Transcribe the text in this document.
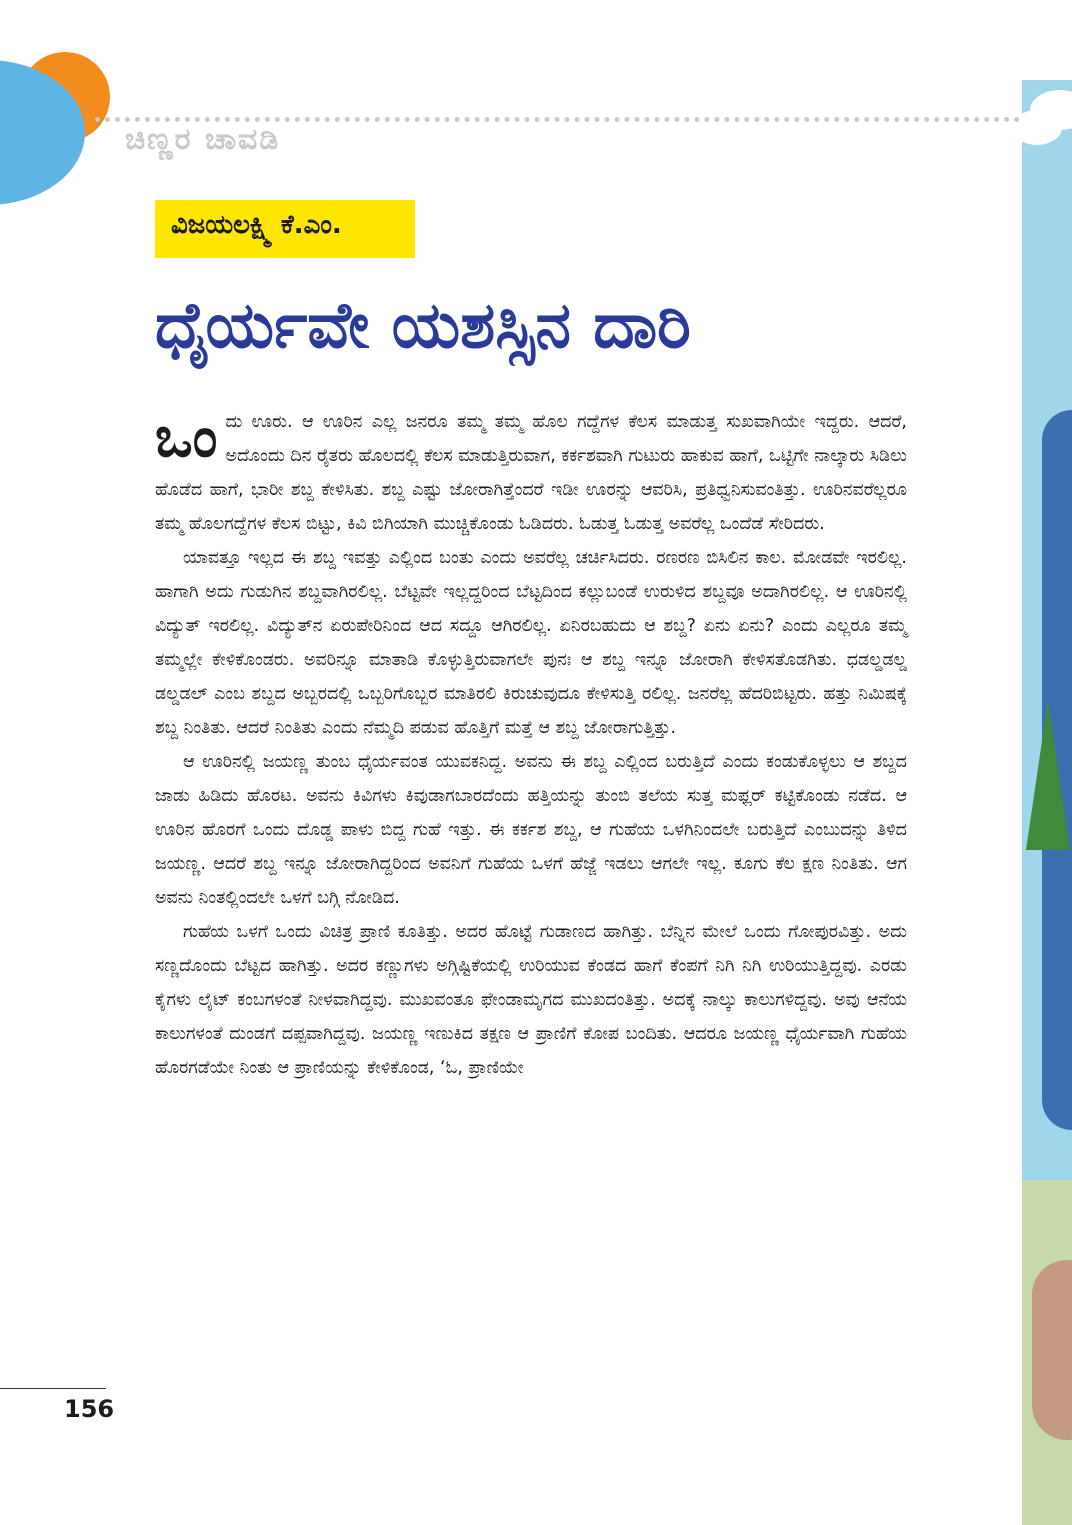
ಚಿಣ್ಣರ ಚಾವಡಿ
ವಿಜಯಲಕ್ಷ್ಮಿ ಕೆ.ಎಂ.
ಧೈರ್ಯವೇ ಯಶಸ್ಸಿನ ದಾರಿ

ಒಂ ದು ಊರು. ಆ ಊರಿನ ಎಲ್ಲ ಜನರೂ ತಮ್ಮ ತಮ್ಮ ಹೊಲ ಗದ್ದೆಗಳ ಕೆಲಸ ಮಾಡುತ್ತ ಸುಖವಾಗಿಯೇ ಇದ್ದರು. ಆದರೆ, ಅದೊಂದು ದಿನ ರೈತರು ಹೊಲದಲ್ಲಿ ಕೆಲಸ ಮಾಡುತ್ತಿರುವಾಗ, ಕರ್ಕಶವಾಗಿ ಗುಟುರು ಹಾಕುವ ಹಾಗೆ, ಒಟ್ಟಿಗೇ ನಾಲ್ಕಾರು ಸಿಡಿಲು ಹೊಡೆದ ಹಾಗೆ, ಭಾರೀ ಶಬ್ದ ಕೇಳಿಸಿತು. ಶಬ್ದ ಎಷ್ಟು ಜೋರಾಗಿತ್ತೆಂದರೆ ಇಡೀ ಊರನ್ನು ಆವರಿಸಿ, ಪ್ರತಿಧ್ವನಿಸುವಂತಿತ್ತು. ಊರಿನವರೆಲ್ಲರೂ ತಮ್ಮ ಹೊಲಗದ್ದೆಗಳ ಕೆಲಸ ಬಿಟ್ಟು, ಕಿವಿ ಬಿಗಿಯಾಗಿ ಮುಚ್ಚಿಕೊಂಡು ಓಡಿದರು. ಓಡುತ್ತ ಓಡುತ್ತ ಅವರೆಲ್ಲ ಒಂದೆಡೆ ಸೇರಿದರು.

ಯಾವತ್ತೂ ಇಲ್ಲದ ಈ ಶಬ್ದ ಇವತ್ತು ಎಲ್ಲಿಂದ ಬಂತು ಎಂದು ಅವರೆಲ್ಲ ಚರ್ಚಿಸಿದರು. ರಣರಣ ಬಿಸಿಲಿನ ಕಾಲ. ಮೋಡವೇ ಇರಲಿಲ್ಲ. ಹಾಗಾಗಿ ಅದು ಗುಡುಗಿನ ಶಬ್ದವಾಗಿರಲಿಲ್ಲ. ಬೆಟ್ಟವೇ ಇಲ್ಲದ್ದರಿಂದ ಬೆಟ್ಟದಿಂದ ಕಲ್ಲುಬಂಡೆ ಉರುಳಿದ ಶಬ್ದವೂ ಅದಾಗಿರಲಿಲ್ಲ. ಆ ಊರಿನಲ್ಲಿ ವಿದ್ಯುತ್ ಇರಲಿಲ್ಲ. ವಿದ್ಯುತ್‌ನ ಏರುಪೇರಿನಿಂದ ಆದ ಸದ್ದೂ ಆಗಿರಲಿಲ್ಲ. ಏನಿರಬಹುದು ಆ ಶಬ್ದ? ಏನು ಏನು? ಎಂದು ಎಲ್ಲರೂ ತಮ್ಮ ತಮ್ಮಲ್ಲೇ ಕೇಳಿಕೊಂಡರು. ಅವರಿನ್ನೂ ಮಾತಾಡಿ ಕೊಳ್ಳುತ್ತಿರುವಾಗಲೇ ಪುನಃ ಆ ಶಬ್ದ ಇನ್ನೂ ಜೋರಾಗಿ ಕೇಳಿಸತೊಡಗಿತು. ಧಡಲ್ಡಡಲ್ಡ ಡಲ್ಡಡಲ್ ಎಂಬ ಶಬ್ದದ ಅಬ್ಬರದಲ್ಲಿ ಒಬ್ಬರಿಗೊಬ್ಬರ ಮಾತಿರಲಿ ಕಿರುಚುವುದೂ ಕೇಳಿಸುತ್ತಿ ರಲಿಲ್ಲ. ಜನರೆಲ್ಲ ಹೆದರಿಬಿಟ್ಟರು. ಹತ್ತು ನಿಮಿಷಕ್ಕೆ ಶಬ್ದ ನಿಂತಿತು. ಆದರೆ ನಿಂತಿತು ಎಂದು ನೆಮ್ಮದಿ ಪಡುವ ಹೊತ್ತಿಗೆ ಮತ್ತೆ ಆ ಶಬ್ದ ಜೋರಾಗುತ್ತಿತ್ತು.

ಆ ಊರಿನಲ್ಲಿ ಜಯಣ್ಣ ತುಂಬ ಧೈರ್ಯವಂತ ಯುವಕನಿದ್ದ. ಅವನು ಈ ಶಬ್ದ ಎಲ್ಲಿಂದ ಬರುತ್ತಿದೆ ಎಂದು ಕಂಡುಕೊಳ್ಳಲು ಆ ಶಬ್ದದ ಜಾಡು ಹಿಡಿದು ಹೊರಟ. ಅವನು ಕಿವಿಗಳು ಕಿವುಡಾಗಬಾರದೆಂದು ಹತ್ತಿಯನ್ನು ತುಂಬಿ ತಲೆಯ ಸುತ್ತ ಮಫ್ಲರ್ ಕಟ್ಟಿಕೊಂಡು ನಡೆದ. ಆ ಊರಿನ ಹೊರಗೆ ಒಂದು ದೊಡ್ಡ ಪಾಳು ಬಿದ್ದ ಗುಹೆ ಇತ್ತು. ಈ ಕರ್ಕಶ ಶಬ್ದ, ಆ ಗುಹೆಯ ಒಳಗಿನಿಂದಲೇ ಬರುತ್ತಿದೆ ಎಂಬುದನ್ನು ತಿಳಿದ ಜಯಣ್ಣ. ಆದರೆ ಶಬ್ದ ಇನ್ನೂ ಜೋರಾಗಿದ್ದರಿಂದ ಅವನಿಗೆ ಗುಹೆಯ ಒಳಗೆ ಹೆಜ್ಜೆ ಇಡಲು ಆಗಲೇ ಇಲ್ಲ. ಕೂಗು ಕೆಲ ಕ್ಷಣ ನಿಂತಿತು. ಆಗ ಅವನು ನಿಂತಲ್ಲಿಂದಲೇ ಒಳಗೆ ಬಗ್ಗಿ ನೋಡಿದ.

ಗುಹೆಯ ಒಳಗೆ ಒಂದು ವಿಚಿತ್ರ ಪ್ರಾಣಿ ಕೂತಿತ್ತು. ಅದರ ಹೊಟ್ಟೆ ಗುಡಾಣದ ಹಾಗಿತ್ತು. ಬೆನ್ನಿನ ಮೇಲೆ ಒಂದು ಗೋಪುರವಿತ್ತು. ಅದು ಸಣ್ಣದೊಂದು ಬೆಟ್ಟದ ಹಾಗಿತ್ತು. ಅದರ ಕಣ್ಣುಗಳು ಅಗ್ಗಿಷ್ಟಿಕೆಯಲ್ಲಿ ಉರಿಯುವ ಕೆಂಡದ ಹಾಗೆ ಕೆಂಪಗೆ ನಿಗಿ ನಿಗಿ ಉರಿಯುತ್ತಿದ್ದವು. ಎರಡು ಕೈಗಳು ಲೈಟ್ ಕಂಬಗಳಂತೆ ನೀಳವಾಗಿದ್ದವು. ಮುಖವಂತೂ ಫೇಂಡಾಮೃಗದ ಮುಖದಂತಿತ್ತು. ಅದಕ್ಕೆ ನಾಲ್ಕು ಕಾಲುಗಳಿದ್ದವು. ಅವು ಆನೆಯ ಕಾಲುಗಳಂತೆ ದುಂಡಗೆ ದಪ್ಪವಾಗಿದ್ದವು. ಜಯಣ್ಣ ಇಣುಕಿದ ತಕ್ಷಣ ಆ ಪ್ರಾಣಿಗೆ ಕೋಪ ಬಂದಿತು. ಆದರೂ ಜಯಣ್ಣ ಧೈರ್ಯವಾಗಿ ಗುಹೆಯ ಹೊರಗಡೆಯೇ ನಿಂತು ಆ ಪ್ರಾಣಿಯನ್ನು ಕೇಳಿಕೊಂಡ, ‘ಓ, ಪ್ರಾಣಿಯೇ

156
